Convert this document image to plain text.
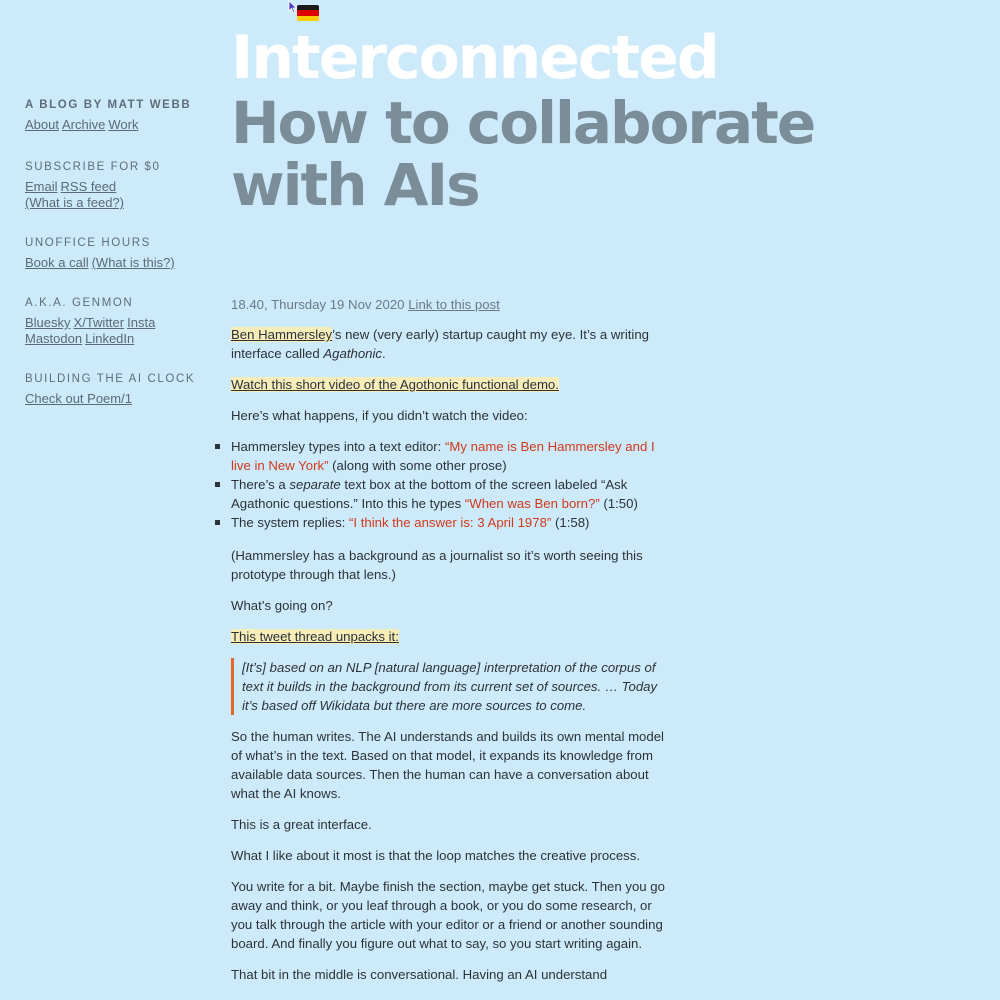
A BLOG BY MATT WEBB
About Archive Work
SUBSCRIBE FOR $0
Email RSS feed
(What is a feed?)
UNOFFICE HOURS
Book a call (What is this?)
A.K.A. GENMON
Bluesky X/Twitter Insta
Mastodon LinkedIn
BUILDING THE AI CLOCK
Check out Poem/1
Interconnected
How to collaborate with AIs

18.40, Thursday 19 Nov 2020 Link to this post

Ben Hammersley’s new (very early) startup caught my eye. It’s a writing interface called Agathonic.

Watch this short video of the Agothonic functional demo.

Here’s what happens, if you didn’t watch the video:

Hammersley types into a text editor: “My name is Ben Hammersley and I live in New York” (along with some other prose)
There’s a separate text box at the bottom of the screen labeled “Ask Agathonic questions.” Into this he types “When was Ben born?” (1:50)
The system replies: “I think the answer is: 3 April 1978” (1:58)

(Hammersley has a background as a journalist so it’s worth seeing this prototype through that lens.)

What’s going on?

This tweet thread unpacks it:

[It’s] based on an NLP [natural language] interpretation of the corpus of text it builds in the background from its current set of sources. … Today it’s based off Wikidata but there are more sources to come.

So the human writes. The AI understands and builds its own mental model of what’s in the text. Based on that model, it expands its knowledge from available data sources. Then the human can have a conversation about what the AI knows.

This is a great interface.

What I like about it most is that the loop matches the creative process.

You write for a bit. Maybe finish the section, maybe get stuck. Then you go away and think, or you leaf through a book, or you do some research, or you talk through the article with your editor or a friend or another sounding board. And finally you figure out what to say, so you start writing again.

That bit in the middle is conversational. Having an AI understand
